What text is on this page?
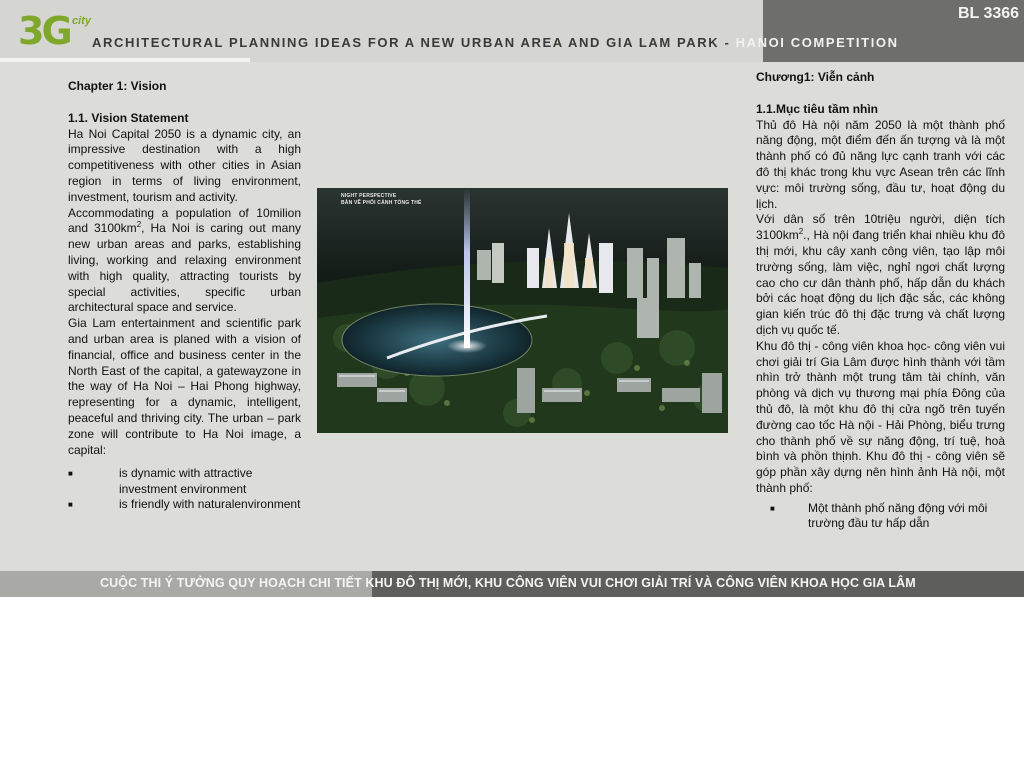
3G city
ARCHITECTURAL PLANNING IDEAS FOR A NEW URBAN AREA AND GIA LAM PARK - HANOI COMPETITION
BL 3366

Chapter 1: Vision

1.1. Vision Statement

Ha Noi Capital 2050 is a dynamic city, an impressive destination with a high competitiveness with other cities in Asian region in terms of living environment, investment, tourism and activity.

Accommodating a population of 10milion and $3100km^2$, Ha Noi is caring out many new urban areas and parks, establishing living, working and relaxing environment with high quality, attracting tourists by special activities, specific urban architectural space and service.

Gia Lam entertainment and scientific park and urban area is planed with a vision of financial, office and business center in the North East of the capital, a gatewayzone in the way of Ha Noi – Hai Phong highway, representing for a dynamic, intelligent, peaceful and thriving city. The urban – park zone will contribute to Ha Noi image, a capital:

■	is dynamic with attractive investment environment
■	is friendly with naturalenvironment
NIGHT PERSPECTIVE
BẢN VẼ PHỐI CẢNH TỔNG THỂ

Chương1: Viễn cảnh

1.1.Mục tiêu tầm nhìn

Thủ đô Hà nội năm 2050 là một thành phố năng động, một điểm đến ấn tượng và là một thành phố có đủ năng lực cạnh tranh với các đô thị khác trong khu vực Asean trên các lĩnh vực: môi trường sống, đầu tư, hoạt động du lịch.

Với dân số trên 10triệu người, diện tích $3100km^2$., Hà nội đang triển khai nhiều khu đô thị mới, khu cây xanh công viên, tạo lập môi trường sống, làm việc, nghỉ ngơi chất lượng cao cho cư dân thành phố, hấp dẫn du khách bởi các hoạt động du lịch đặc sắc, các không gian kiến trúc đô thị đặc trưng và chất lượng dịch vụ quốc tế.

Khu đô thị - công viên khoa học- công viên vui chơi giải trí Gia Lâm được hình thành với tầm nhìn trở thành một trung tâm tài chính, văn phòng và dịch vụ thương mại phía Đông của thủ đô, là một khu đô thị cửa ngõ trên tuyến đường cao tốc Hà nội - Hải Phòng, biểu trưng cho thành phố về sự năng động, trí tuệ, hoà bình và phồn thịnh. Khu đô thị - công viên sẽ góp phần xây dựng nên hình ảnh Hà nội, một thành phố:

■	Một thành phố năng động với môi trường đầu tư hấp dẫn
CUỘC THI Ý TƯỞNG QUY HOẠCH CHI TIẾT KHU ĐÔ THỊ MỚI, KHU CÔNG VIÊN VUI CHƠI GIẢI TRÍ VÀ CÔNG VIÊN KHOA HỌC GIA LÂM
